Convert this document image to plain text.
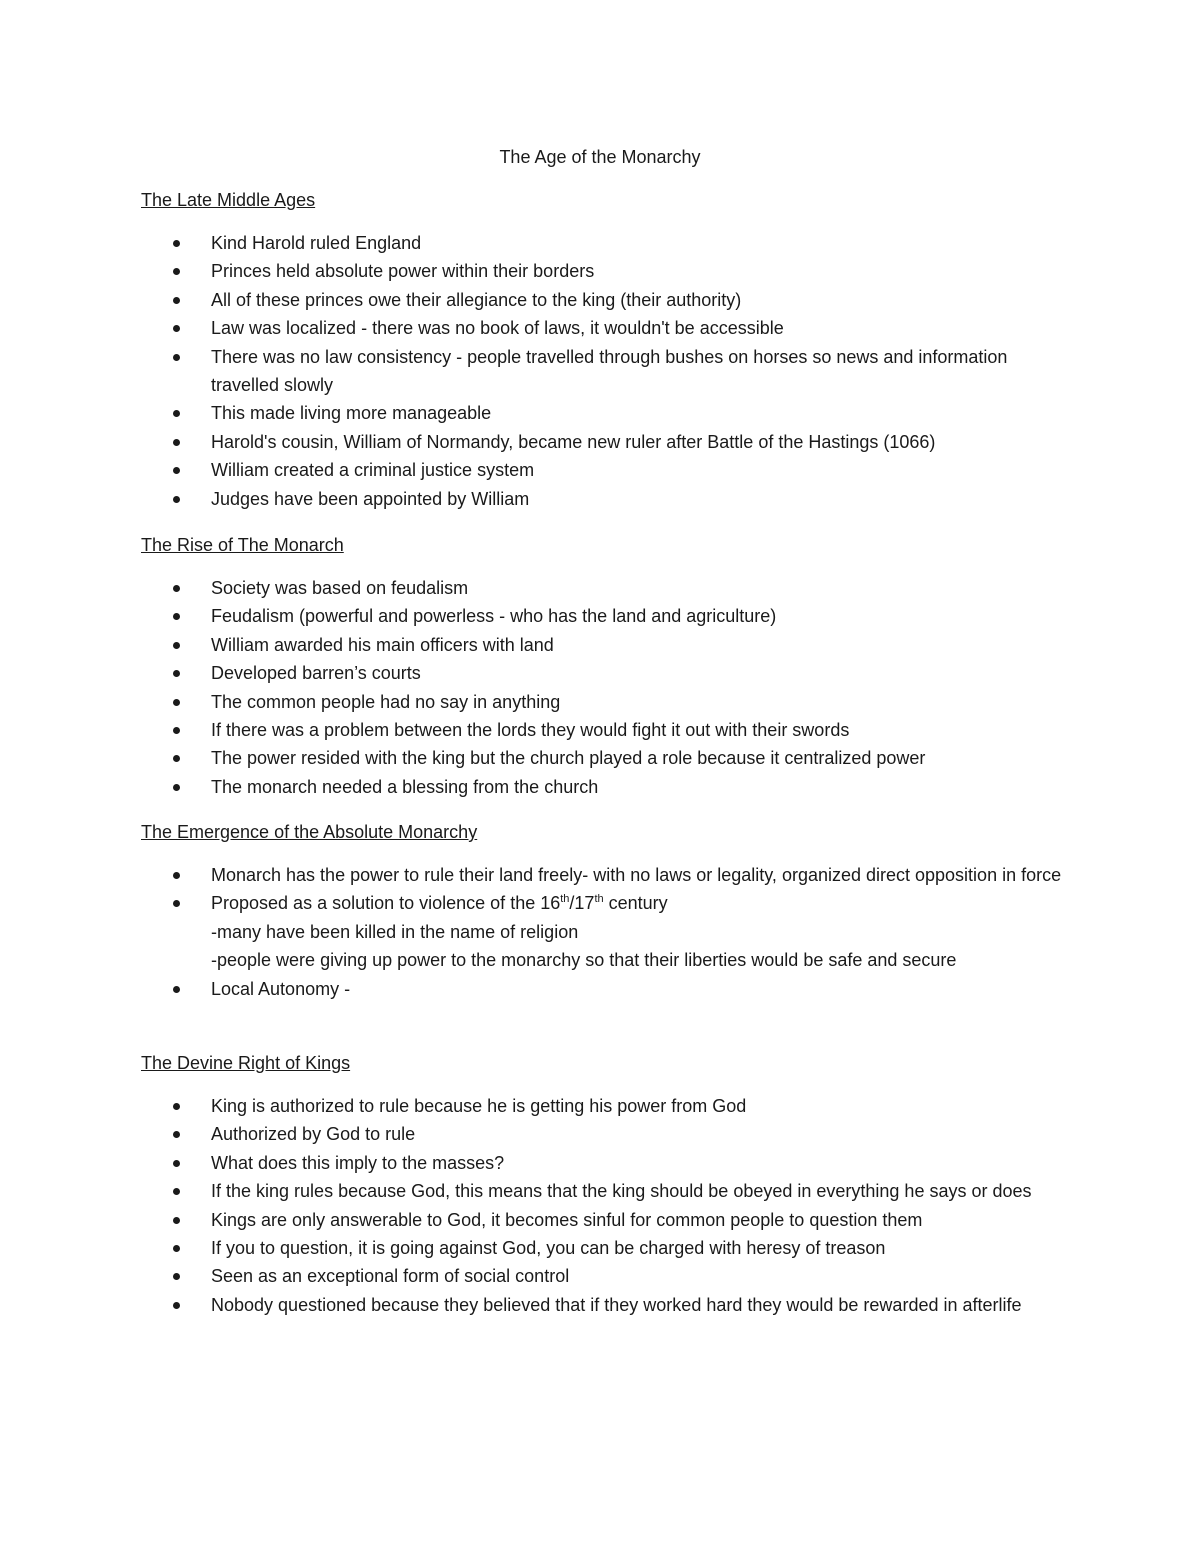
The Age of the Monarchy
The Late Middle Ages
Kind Harold ruled England
Princes held absolute power within their borders
All of these princes owe their allegiance to the king (their authority)
Law was localized - there was no book of laws, it wouldn't be accessible
There was no law consistency - people travelled through bushes on horses so news and information travelled slowly
This made living more manageable
Harold's cousin, William of Normandy, became new ruler after Battle of the Hastings (1066)
William created a criminal justice system
Judges have been appointed by William
The Rise of The Monarch
Society was based on feudalism
Feudalism (powerful and powerless - who has the land and agriculture)
William awarded his main officers with land
Developed barren’s courts
The common people had no say in anything
If there was a problem between the lords they would fight it out with their swords
The power resided with the king but the church played a role because it centralized power
The monarch needed a blessing from the church
The Emergence of the Absolute Monarchy
Monarch has the power to rule their land freely- with no laws or legality, organized direct opposition in force
Proposed as a solution to violence of the 16th/17th century
-many have been killed in the name of religion
-people were giving up power to the monarchy so that their liberties would be safe and secure
Local Autonomy -
The Devine Right of Kings
King is authorized to rule because he is getting his power from God
Authorized by God to rule
What does this imply to the masses?
If the king rules because God, this means that the king should be obeyed in everything he says or does
Kings are only answerable to God, it becomes sinful for common people to question them
If you to question, it is going against God, you can be charged with heresy of treason
Seen as an exceptional form of social control
Nobody questioned because they believed that if they worked hard they would be rewarded in afterlife
